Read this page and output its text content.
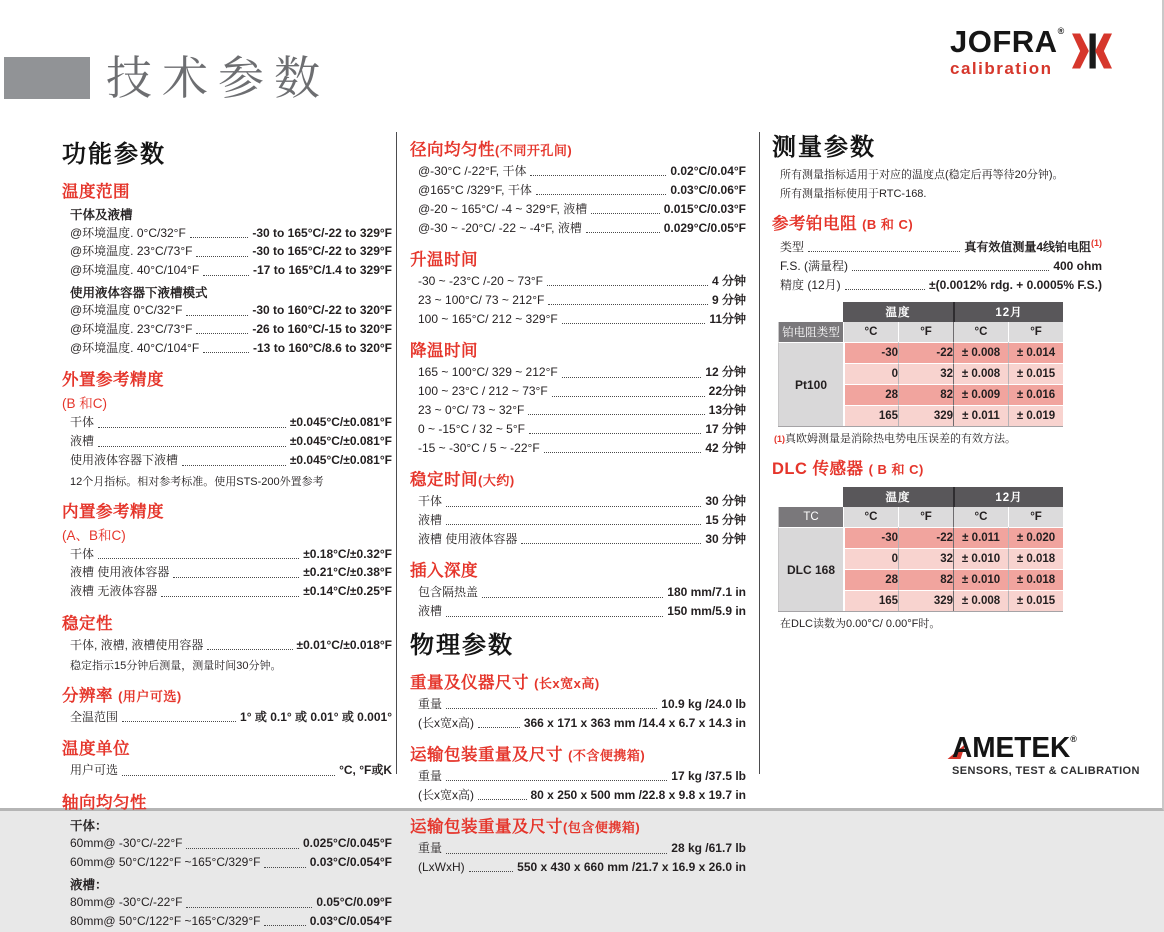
技术参数
JOFRA®
calibration
功能参数
温度范围
干体及液槽
@环境温度. 0°C/32°F	-30 to 165°C/-22 to 329°F
@环境温度. 23°C/73°F	-30 to 165°C/-22 to 329°F
@环境温度. 40°C/104°F	-17 to 165°C/1.4 to 329°F
使用液体容器下液槽模式
@环境温度 0°C/32°F	-30 to 160°C/-22 to 320°F
@环境温度. 23°C/73°F	-26 to 160°C/-15 to 320°F
@环境温度. 40°C/104°F	-13 to 160°C/8.6 to 320°F
外置参考精度
(B 和C)
干体	±0.045°C/±0.081°F
液槽	±0.045°C/±0.081°F
使用液体容器下液槽	±0.045°C/±0.081°F
12个月指标。相对参考标准。使用STS-200外置参考
内置参考精度
(A、B和C)
干体	±0.18°C/±0.32°F
液槽 使用液体容器	±0.21°C/±0.38°F
液槽 无液体容器	±0.14°C/±0.25°F
稳定性
干体, 液槽, 液槽使用容器	±0.01°C/±0.018°F
稳定指示15分钟后测量，测量时间30分钟。
分辨率 (用户可选)
全温范围	1° 或 0.1° 或 0.01° 或 0.001°
温度单位
用户可选	°C, °F或K
轴向均匀性
干体：
60mm@ -30°C/-22°F	0.025°C/0.045°F
60mm@ 50°C/122°F ~165°C/329°F	0.03°C/0.054°F
液槽：
80mm@ -30°C/-22°F	0.05°C/0.09°F
80mm@ 50°C/122°F ~165°C/329°F	0.03°C/0.054°F
径向均匀性(不同开孔间)
@-30°C /-22°F, 干体	0.02°C/0.04°F
@165°C /329°F, 干体	0.03°C/0.06°F
@-20 ~ 165°C/ -4 ~ 329°F, 液槽	0.015°C/0.03°F
@-30 ~ -20°C/ -22 ~ -4°F, 液槽	0.029°C/0.05°F
升温时间
-30 ~ -23°C /-20 ~ 73°F	4 分钟
23 ~ 100°C/ 73 ~ 212°F	9 分钟
100 ~ 165°C/ 212 ~ 329°F	11分钟
降温时间
165 ~ 100°C/ 329 ~ 212°F	12 分钟
100 ~ 23°C / 212 ~ 73°F	22分钟
23 ~ 0°C/ 73 ~ 32°F	13分钟
0 ~ -15°C / 32 ~ 5°F	17 分钟
-15 ~ -30°C / 5 ~ -22°F	42 分钟
稳定时间(大约)
干体	30 分钟
液槽	15 分钟
液槽 使用液体容器	30 分钟
插入深度
包含隔热盖	180 mm/7.1 in
液槽	150 mm/5.9 in
物理参数
重量及仪器尺寸 (长x宽x高)
重量	10.9 kg /24.0 lb
(长x宽x高)	366 x 171 x 363 mm /14.4 x 6.7 x 14.3 in
运输包装重量及尺寸 (不含便携箱)
重量	17 kg /37.5 lb
(长x宽x高)	80 x 250 x 500 mm /22.8 x 9.8 x 19.7 in
运输包装重量及尺寸(包含便携箱)
重量	28 kg /61.7 lb
(LxWxH)	550 x 430 x 660 mm /21.7 x 16.9 x 26.0 in
测量参数
所有测量指标适用于对应的温度点(稳定后再等待20分钟)。
所有测量指标使用于RTC-168.
参考铂电阻 (B 和 C)
类型	真有效值测量4线铂电阻$^{(1)}$
F.S. (满量程)	400 ohm
精度 (12月)	±(0.0012% rdg. + 0.0005% F.S.)
	温度		12月	
铂电阻类型	°C	°F	°C	°F
Pt100	-30	-22	± 0.008	± 0.014
	0	32	± 0.008	± 0.015
	28	82	± 0.009	± 0.016
	165	329	± 0.011	± 0.019
(1)真欧姆测量是消除热电势电压误差的有效方法。
DLC 传感器 ( B 和 C)
	温度		12月	
TC	°C	°F	°C	°F
DLC 168	-30	-22	± 0.011	± 0.020
	0	32	± 0.010	± 0.018
	28	82	± 0.010	± 0.018
	165	329	± 0.008	± 0.015
在DLC读数为0.00°C/ 0.00°F时。
AMETEK ®
SENSORS, TEST & CALIBRATION
